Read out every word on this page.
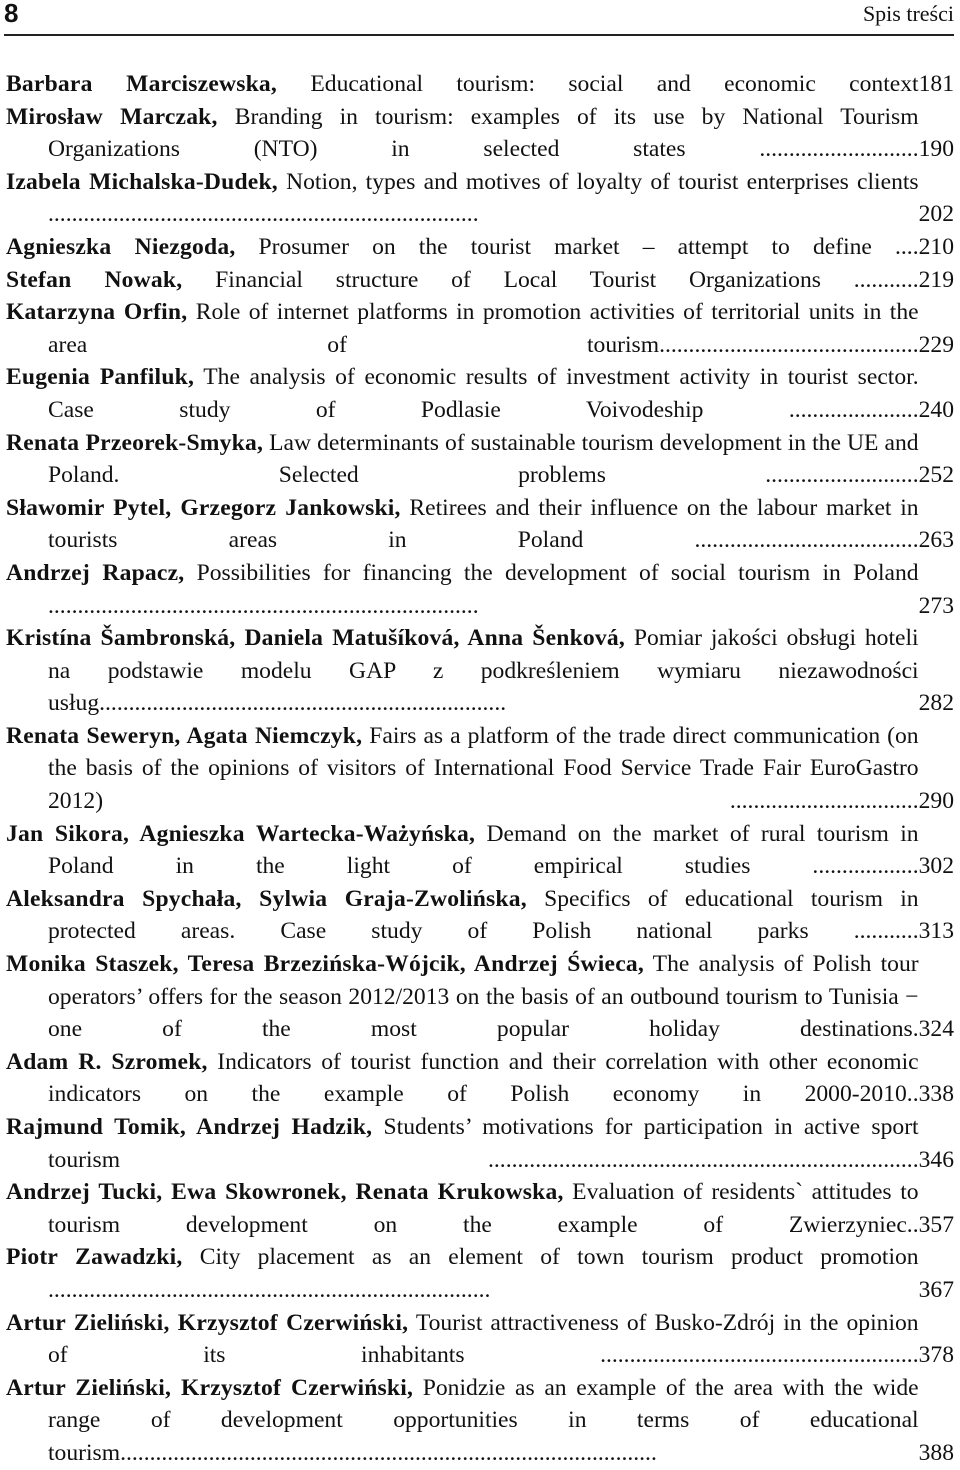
8	Spis treści
Barbara Marciszewska, Educational tourism: social and economic context 181
Mirosław Marczak, Branding in tourism: examples of its use by National Tourism Organizations (NTO) in selected states ........................... 190
Izabela Michalska-Dudek, Notion, types and motives of loyalty of tourist enterprises clients .........................................................................	202
Agnieszka Niezgoda, Prosumer on the tourist market – attempt to define .... 210
Stefan Nowak, Financial structure of Local Tourist Organizations ........... 219
Katarzyna Orfin, Role of internet platforms in promotion activities of territorial units in the area of tourism............................................ 229
Eugenia Panfiluk, The analysis of economic results of investment activity in tourist sector. Case study of Podlasie Voivodeship ...................... 240
Renata Przeorek-Smyka, Law determinants of sustainable tourism development in the UE and Poland. Selected problems .......................... 252
Sławomir Pytel, Grzegorz Jankowski, Retirees and their influence on the labour market in tourists areas in Poland ...................................... 263
Andrzej Rapacz, Possibilities for financing the development of social tourism in Poland .........................................................................	273
Kristína Šambronská, Daniela Matušíková, Anna Šenková, Pomiar jakości obsługi hoteli na podstawie modelu GAP z podkreśleniem wymiaru niezawodności usług.....................................................................	282
Renata Seweryn, Agata Niemczyk, Fairs as a platform of the trade direct communication (on the basis of the opinions of visitors of International Food Service Trade Fair EuroGastro 2012) ................................ 290
Jan Sikora, Agnieszka Wartecka-Ważyńska, Demand on the market of rural tourism in Poland in the light of empirical studies .................. 302
Aleksandra Spychała, Sylwia Graja-Zwolińska, Specifics of educational tourism in protected areas. Case study of Polish national parks ........... 313
Monika Staszek, Teresa Brzezińska-Wójcik, Andrzej Świeca, The analysis of Polish tour operators’ offers for the season 2012/2013 on the basis of an outbound tourism to Tunisia − one of the most popular holiday destinations. 324
Adam R. Szromek, Indicators of tourist function and their correlation with other economic indicators on the example of Polish economy in 2000-2010.. 338
Rajmund Tomik, Andrzej Hadzik, Students’ motivations for participation in active sport tourism ......................................................................... 346
Andrzej Tucki, Ewa Skowronek, Renata Krukowska, Evaluation of residents` attitudes to tourism development on the example of Zwierzyniec.. 357
Piotr Zawadzki, City placement as an element of town tourism product promotion ...........................................................................	367
Artur Zieliński, Krzysztof Czerwiński, Tourist attractiveness of Busko-Zdrój in the opinion of its inhabitants ...................................................... 378
Artur Zieliński, Krzysztof Czerwiński, Ponidzie as an example of the area with the wide range of development opportunities in terms of educational tourism...........................................................................................	388
